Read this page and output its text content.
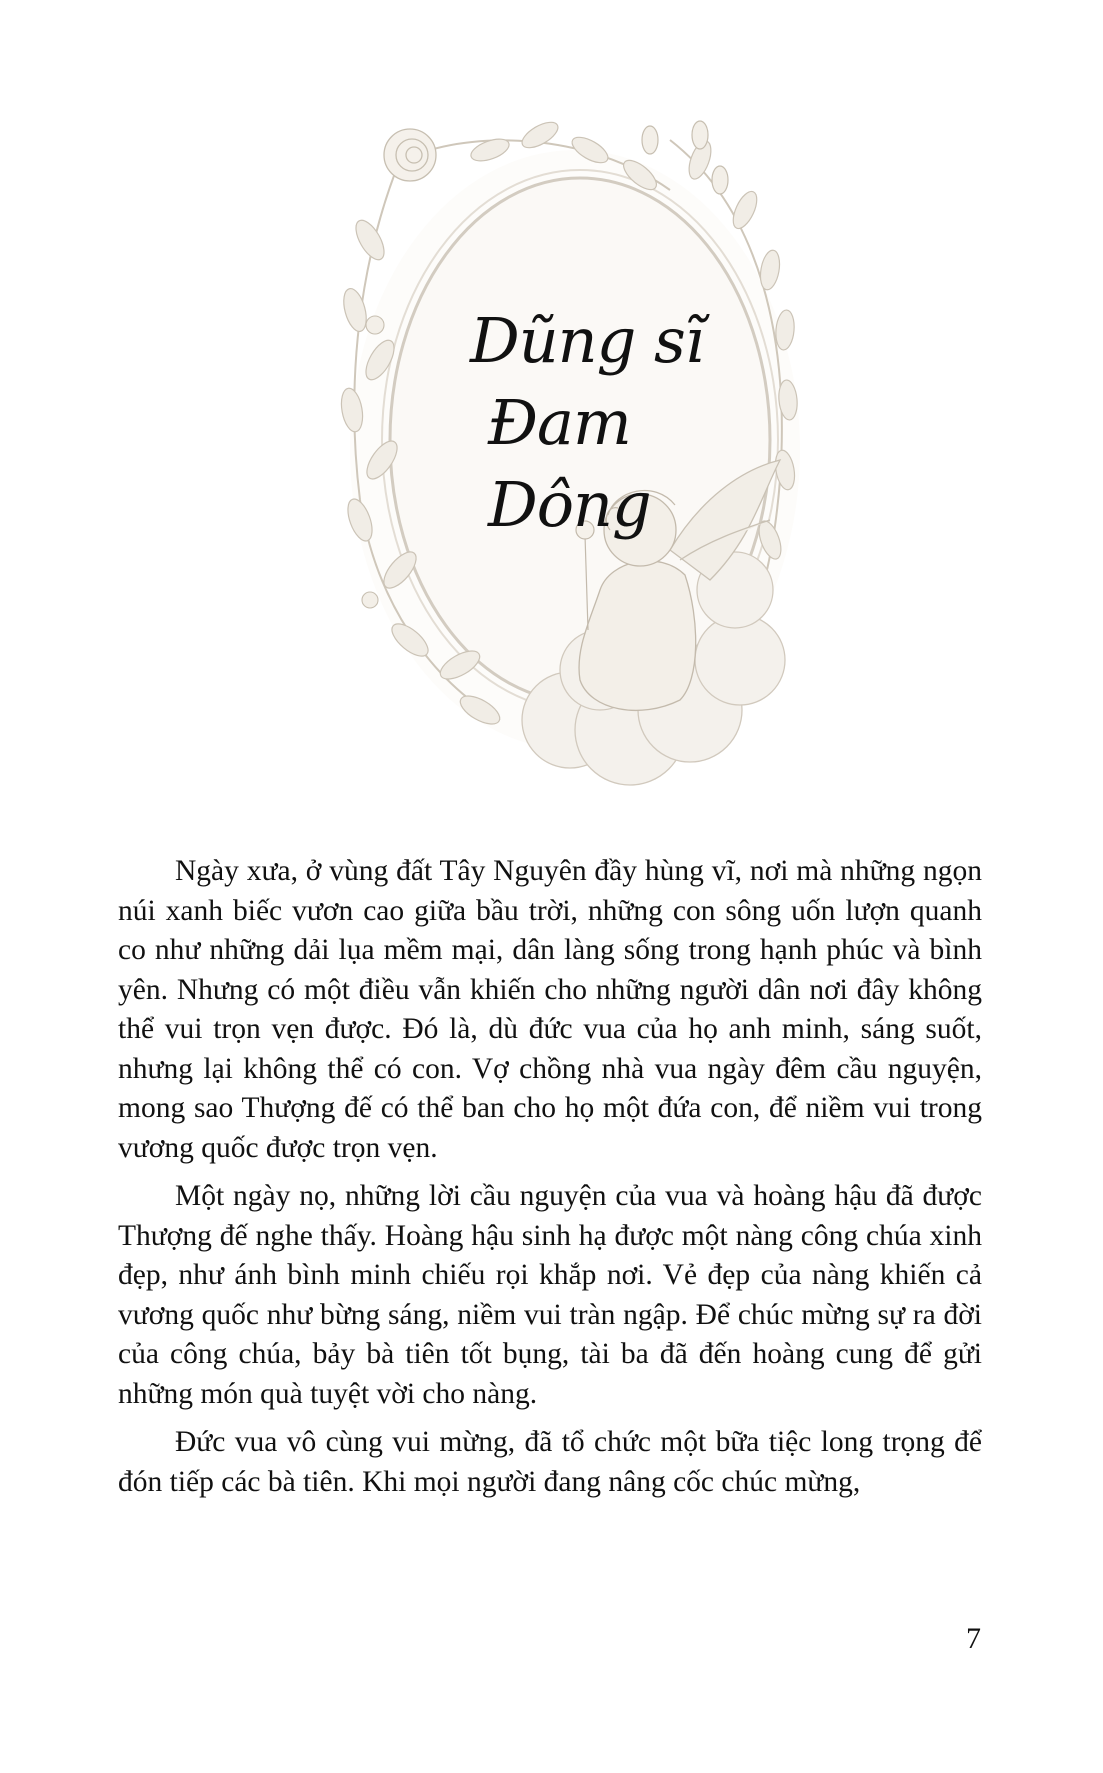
Dũng sĩ
Đam
Dông

Ngày xưa, ở vùng đất Tây Nguyên đầy hùng vĩ, nơi mà những ngọn núi xanh biếc vươn cao giữa bầu trời, những con sông uốn lượn quanh co như những dải lụa mềm mại, dân làng sống trong hạnh phúc và bình yên. Nhưng có một điều vẫn khiến cho những người dân nơi đây không thể vui trọn vẹn được. Đó là, dù đức vua của họ anh minh, sáng suốt, nhưng lại không thể có con. Vợ chồng nhà vua ngày đêm cầu nguyện, mong sao Thượng đế có thể ban cho họ một đứa con, để niềm vui trong vương quốc được trọn vẹn.

Một ngày nọ, những lời cầu nguyện của vua và hoàng hậu đã được Thượng đế nghe thấy. Hoàng hậu sinh hạ được một nàng công chúa xinh đẹp, như ánh bình minh chiếu rọi khắp nơi. Vẻ đẹp của nàng khiến cả vương quốc như bừng sáng, niềm vui tràn ngập. Để chúc mừng sự ra đời của công chúa, bảy bà tiên tốt bụng, tài ba đã đến hoàng cung để gửi những món quà tuyệt vời cho nàng.

Đức vua vô cùng vui mừng, đã tổ chức một bữa tiệc long trọng để đón tiếp các bà tiên. Khi mọi người đang nâng cốc chúc mừng,

7
